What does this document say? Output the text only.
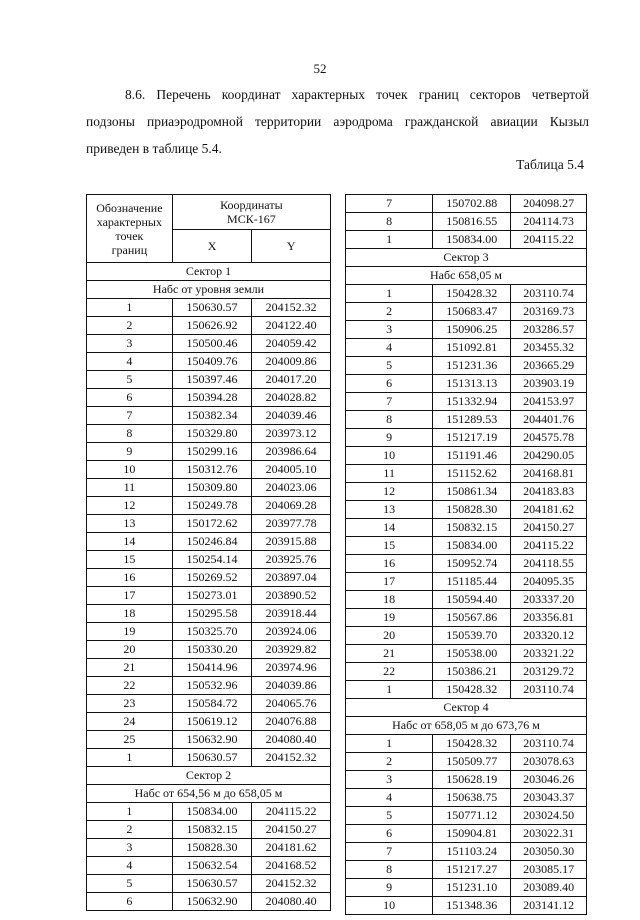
52
8.6. Перечень координат характерных точек границ секторов четвертой
подзоны приаэродромной территории аэродрома гражданской авиации Кызыл
приведен в таблице 5.4.
Таблица 5.4
Обозначение
характерных
точек
границ	Координаты
МСК-167	
	X	Y
Сектор 1		
Набс от уровня земли		
1	150630.57	204152.32
2	150626.92	204122.40
3	150500.46	204059.42
4	150409.76	204009.86
5	150397.46	204017.20
6	150394.28	204028.82
7	150382.34	204039.46
8	150329.80	203973.12
9	150299.16	203986.64
10	150312.76	204005.10
11	150309.80	204023.06
12	150249.78	204069.28
13	150172.62	203977.78
14	150246.84	203915.88
15	150254.14	203925.76
16	150269.52	203897.04
17	150273.01	203890.52
18	150295.58	203918.44
19	150325.70	203924.06
20	150330.20	203929.82
21	150414.96	203974.96
22	150532.96	204039.86
23	150584.72	204065.76
24	150619.12	204076.88
25	150632.90	204080.40
1	150630.57	204152.32
Сектор 2		
Набс от 654,56 м до 658,05 м		
1	150834.00	204115.22
2	150832.15	204150.27
3	150828.30	204181.62
4	150632.54	204168.52
5	150630.57	204152.32
6	150632.90	204080.40
7	150702.88	204098.27
8	150816.55	204114.73
1	150834.00	204115.22
Сектор 3		
Набс 658,05 м		
1	150428.32	203110.74
2	150683.47	203169.73
3	150906.25	203286.57
4	151092.81	203455.32
5	151231.36	203665.29
6	151313.13	203903.19
7	151332.94	204153.97
8	151289.53	204401.76
9	151217.19	204575.78
10	151191.46	204290.05
11	151152.62	204168.81
12	150861.34	204183.83
13	150828.30	204181.62
14	150832.15	204150.27
15	150834.00	204115.22
16	150952.74	204118.55
17	151185.44	204095.35
18	150594.40	203337.20
19	150567.86	203356.81
20	150539.70	203320.12
21	150538.00	203321.22
22	150386.21	203129.72
1	150428.32	203110.74
Сектор 4		
Набс от 658,05 м до 673,76 м		
1	150428.32	203110.74
2	150509.77	203078.63
3	150628.19	203046.26
4	150638.75	203043.37
5	150771.12	203024.50
6	150904.81	203022.31
7	151103.24	203050.30
8	151217.27	203085.17
9	151231.10	203089.40
10	151348.36	203141.12
